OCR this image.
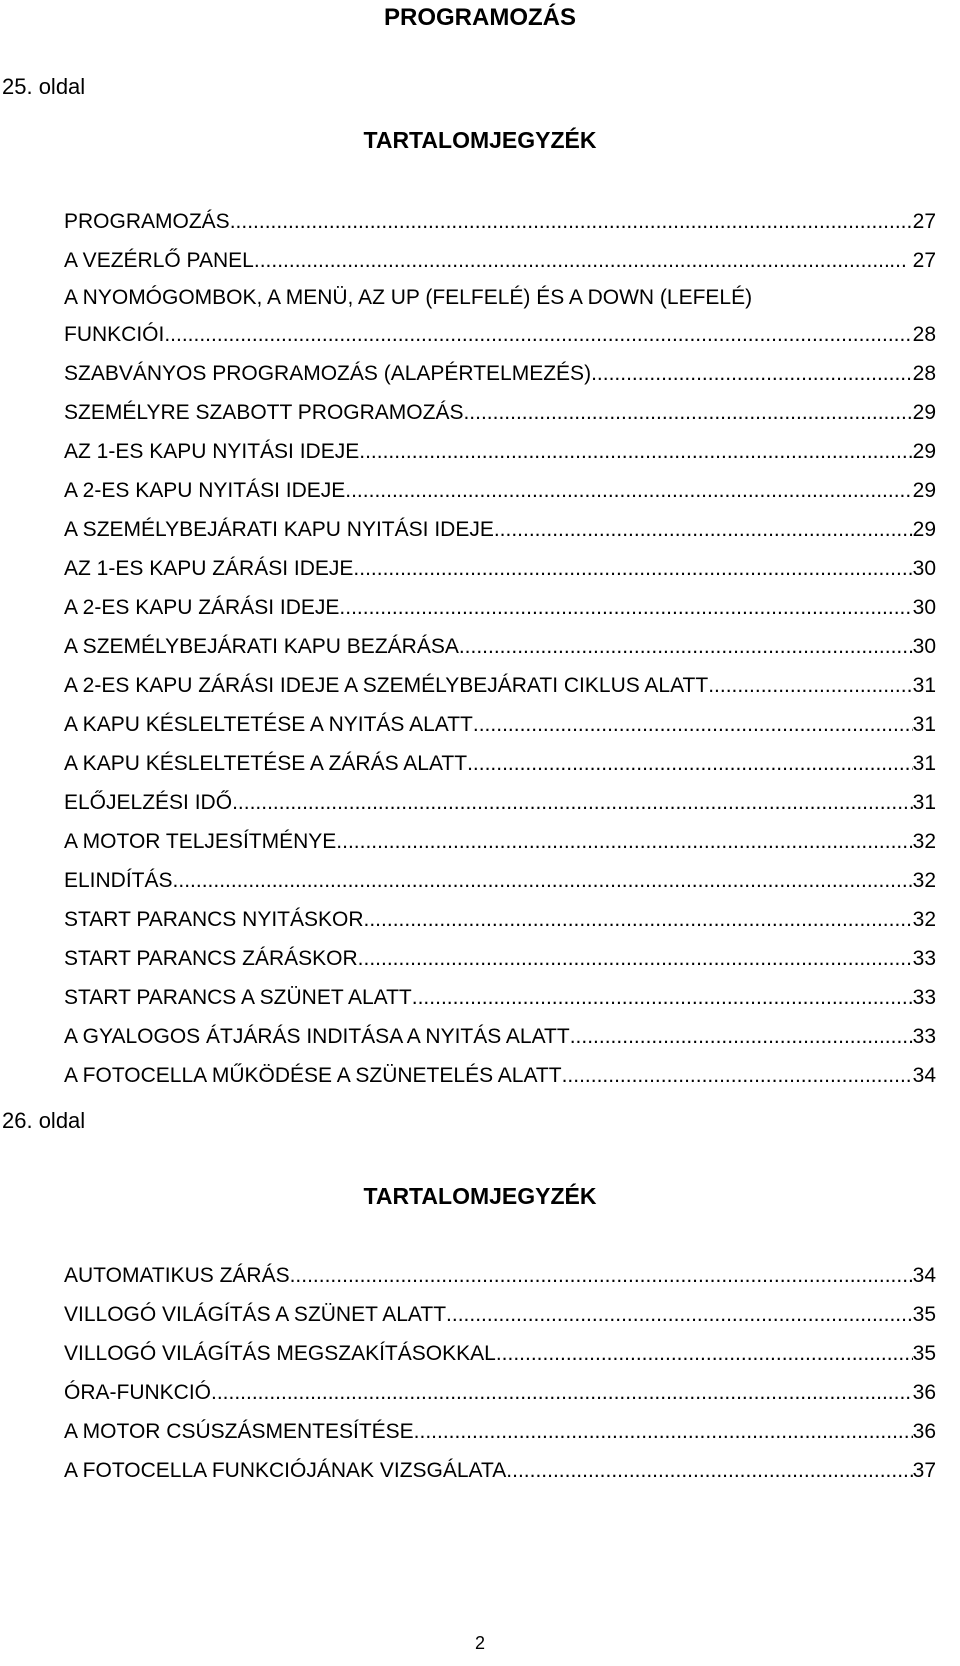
PROGRAMOZÁS
25. oldal
TARTALOMJEGYZÉK
PROGRAMOZÁS .....	27
A VEZÉRLŐ PANEL .....	... 27
A NYOMÓGOMBOK, A MENÜ, AZ UP (FELFELÉ) ÉS A DOWN (LEFELÉ)
FUNKCIÓI .....	28
SZABVÁNYOS PROGRAMOZÁS (ALAPÉRTELMEZÉS) .....	28
SZEMÉLYRE SZABOTT PROGRAMOZÁS .....	29
AZ 1-ES KAPU NYITÁSI IDEJE .....	29
A 2-ES KAPU NYITÁSI IDEJE .....	29
A SZEMÉLYBEJÁRATI KAPU NYITÁSI IDEJE .....	29
AZ 1-ES KAPU ZÁRÁSI IDEJE .....	30
A 2-ES KAPU ZÁRÁSI IDEJE .....	30
A SZEMÉLYBEJÁRATI KAPU BEZÁRÁSA .....	30
A 2-ES KAPU ZÁRÁSI IDEJE A SZEMÉLYBEJÁRATI CIKLUS ALATT .....	31
A KAPU KÉSLELTETÉSE A NYITÁS ALATT .....	31
A KAPU KÉSLELTETÉSE A ZÁRÁS ALATT .....	31
ELŐJELZÉSI IDŐ .....	31
A MOTOR TELJESÍTMÉNYE .....	32
ELINDÍTÁS .....	32
START PARANCS NYITÁSKOR .....	32
START PARANCS ZÁRÁSKOR .....	33
START PARANCS A SZÜNET ALATT .....	33
A GYALOGOS ÁTJÁRÁS INDITÁSA A NYITÁS ALATT .....	33
A FOTOCELLA MŰKÖDÉSE A SZÜNETELÉS ALATT .....	34
26. oldal
TARTALOMJEGYZÉK
AUTOMATIKUS ZÁRÁS .....	34
VILLOGÓ VILÁGÍTÁS A SZÜNET ALATT .....	35
VILLOGÓ VILÁGÍTÁS MEGSZAKÍTÁSOKKAL .....	35
ÓRA-FUNKCIÓ .....	36
A MOTOR CSÚSZÁSMENTESÍTÉSE .....	36
A FOTOCELLA FUNKCIÓJÁNAK VIZSGÁLATA .....	37
2
